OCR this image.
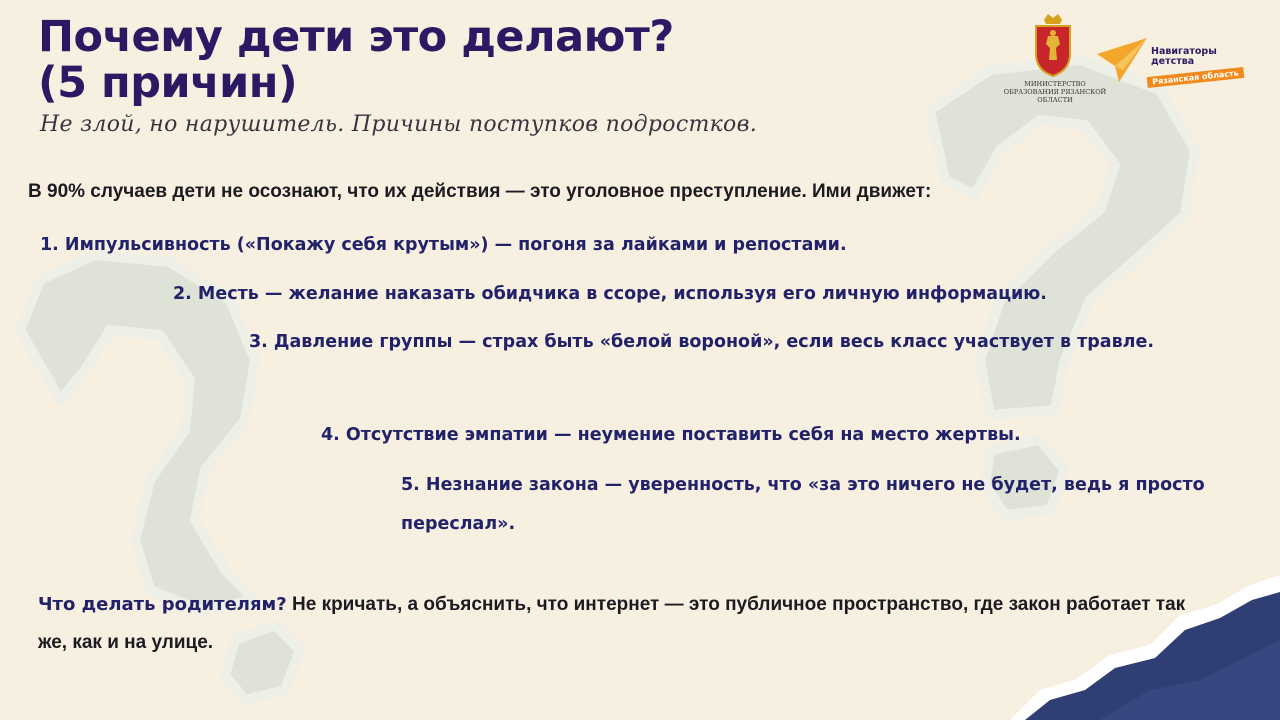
Почему дети это делают?
(5 причин)
Не злой, но нарушитель. Причины поступков подростков.
В 90% случаев дети не осознают, что их действия — это уголовное преступление. Ими движет:
1. Импульсивность («Покажу себя крутым») — погоня за лайками и репостами.
2. Месть — желание наказать обидчика в ссоре, используя его личную информацию.
3. Давление группы — страх быть «белой вороной», если весь класс участвует в травле.
4. Отсутствие эмпатии — неумение поставить себя на место жертвы.
5. Незнание закона — уверенность, что «за это ничего не будет, ведь я просто переслал».
Что делать родителям? Не кричать, а объяснить, что интернет — это публичное пространство, где закон работает так же, как и на улице.
МИНИСТЕРСТВО ОБРАЗОВАНИЯ РЯЗАНСКОЙ ОБЛАСТИ
Навигаторы детства
Рязанская область
